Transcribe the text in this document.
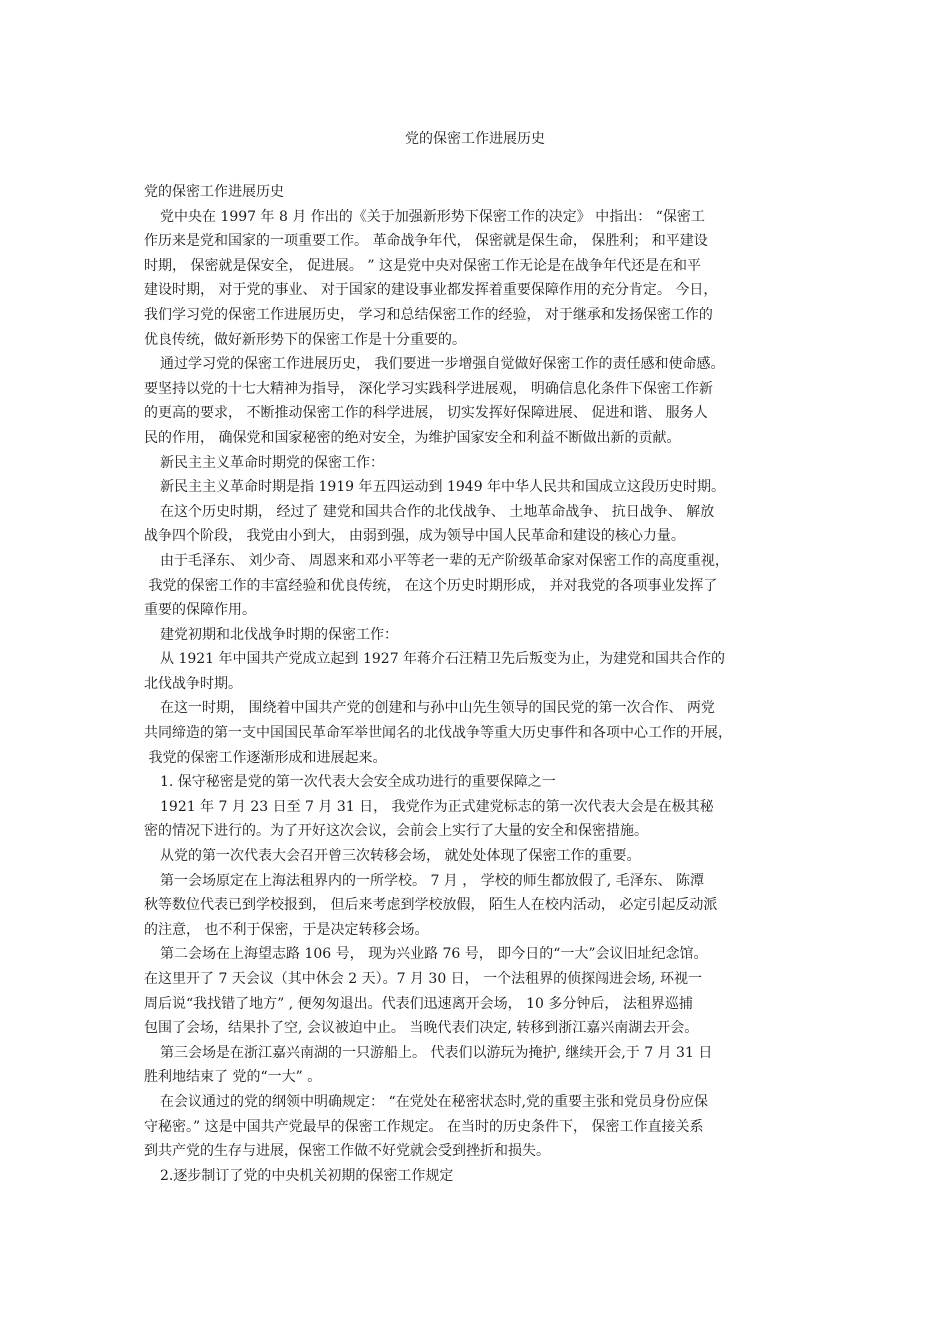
党的保密工作进展历史
党的保密工作进展历史
党中央在 1997 年 8 月 作出的《关于加强新形势下保密工作的决定》 中指出： “保密工
作历来是党和国家的一项重要工作。 革命战争年代， 保密就是保生命， 保胜利； 和平建设
时期， 保密就是保安全， 促进展。 ” 这是党中央对保密工作无论是在战争年代还是在和平
建设时期， 对于党的事业、 对于国家的建设事业都发挥着重要保障作用的充分肯定。 今日，
我们学习党的保密工作进展历史， 学习和总结保密工作的经验， 对于继承和发扬保密工作的
优良传统，做好新形势下的保密工作是十分重要的。
通过学习党的保密工作进展历史， 我们要进一步增强自觉做好保密工作的责任感和使命感。
要坚持以党的十七大精神为指导， 深化学习实践科学进展观， 明确信息化条件下保密工作新
的更高的要求， 不断推动保密工作的科学进展， 切实发挥好保障进展、 促进和谐、 服务人
民的作用， 确保党和国家秘密的绝对安全，为维护国家安全和利益不断做出新的贡献。
新民主主义革命时期党的保密工作：
新民主主义革命时期是指 1919 年五四运动到 1949 年中华人民共和国成立这段历史时期。
在这个历史时期， 经过了 建党和国共合作的北伐战争、 土地革命战争、 抗日战争、 解放
战争四个阶段， 我党由小到大， 由弱到强，成为领导中国人民革命和建设的核心力量。
由于毛泽东、 刘少奇、 周恩来和邓小平等老一辈的无产阶级革命家对保密工作的高度重视，
我党的保密工作的丰富经验和优良传统， 在这个历史时期形成， 并对我党的各项事业发挥了
重要的保障作用。
建党初期和北伐战争时期的保密工作：
从 1921 年中国共产党成立起到 1927 年蒋介石汪精卫先后叛变为止，为建党和国共合作的
北伐战争时期。
在这一时期， 围绕着中国共产党的创建和与孙中山先生领导的国民党的第一次合作、 两党
共同缔造的第一支中国国民革命军举世闻名的北伐战争等重大历史事件和各项中心工作的开展，
我党的保密工作逐渐形成和进展起来。
1. 保守秘密是党的第一次代表大会安全成功进行的重要保障之一
1921 年 7 月 23 日至 7 月 31 日， 我党作为正式建党标志的第一次代表大会是在极其秘
密的情况下进行的。为了开好这次会议，会前会上实行了大量的安全和保密措施。
从党的第一次代表大会召开曾三次转移会场， 就处处体现了保密工作的重要。
第一会场原定在上海法租界内的一所学校。 7 月 ， 学校的师生都放假了, 毛泽东、 陈潭
秋等数位代表已到学校报到， 但后来考虑到学校放假， 陌生人在校内活动， 必定引起反动派
的注意， 也不利于保密，于是决定转移会场。
第二会场在上海望志路 106 号， 现为兴业路 76 号， 即今日的“一大”会议旧址纪念馆。
在这里开了 7 天会议（其中休会 2 天）。7 月 30 日， 一个法租界的侦探闯进会场, 环视一
周后说“我找错了地方” , 便匆匆退出。代表们迅速离开会场， 10 多分钟后， 法租界巡捕
包围了会场，结果扑了空, 会议被迫中止。 当晚代表们决定, 转移到浙江嘉兴南湖去开会。
第三会场是在浙江嘉兴南湖的一只游船上。 代表们以游玩为掩护, 继续开会,于 7 月 31 日
胜利地结束了 党的“一大” 。
在会议通过的党的纲领中明确规定： “在党处在秘密状态时,党的重要主张和党员身份应保
守秘密。” 这是中国共产党最早的保密工作规定。 在当时的历史条件下， 保密工作直接关系
到共产党的生存与进展，保密工作做不好党就会受到挫折和损失。
2.逐步制订了党的中央机关初期的保密工作规定
